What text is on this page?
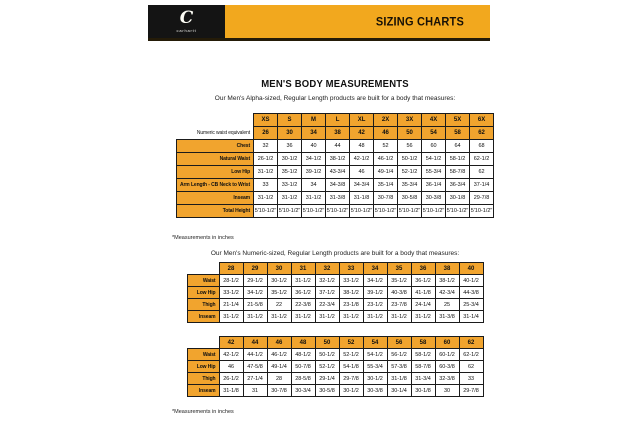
C
carhartt
SIZING CHARTS
MEN'S BODY MEASUREMENTS
Our Men's Alpha-sized, Regular Length products are built for a body that measures:
	XS	S	M	L	XL	2X	3X	4X	5X	6X
Numeric waist equivalent	26	30	34	38	42	46	50	54	58	62
Chest	32	36	40	44	48	52	56	60	64	68
Natural Waist	26-1/2	30-1/2	34-1/2	38-1/2	42-1/2	46-1/2	50-1/2	54-1/2	58-1/2	62-1/2
Low Hip	31-1/2	35-1/2	39-1/2	43-3/4	46	49-1/4	52-1/2	55-3/4	58-7/8	62
Arm Length - CB Neck to Wrist	33	33-1/2	34	34-3/8	34-3/4	35-1/4	35-3/4	36-1/4	36-3/4	37-1/4
Inseam	31-1/2	31-1/2	31-1/2	31-3/8	31-1/8	30-7/8	30-5/8	30-3/8	30-1/8	29-7/8
Total Height	5'10-1/2"	5'10-1/2"	5'10-1/2"	5'10-1/2"	5'10-1/2"	5'10-1/2"	5'10-1/2"	5'10-1/2"	5'10-1/2"	5'10-1/2"
*Measurements in inches
Our Men's Numeric-sized, Regular Length products are built for a body that measures:
	28	29	30	31	32	33	34	35	36	38	40
Waist	28-1/2	29-1/2	30-1/2	31-1/2	32-1/2	33-1/2	34-1/2	35-1/2	36-1/2	38-1/2	40-1/2
Low Hip	33-1/2	34-1/2	35-1/2	36-1/2	37-1/2	38-1/2	39-1/2	40-3/8	41-1/8	42-3/4	44-3/8
Thigh	21-1/4	21-5/8	22	22-3/8	22-3/4	23-1/8	23-1/2	23-7/8	24-1/4	25	25-3/4
Inseam	31-1/2	31-1/2	31-1/2	31-1/2	31-1/2	31-1/2	31-1/2	31-1/2	31-1/2	31-3/8	31-1/4
	42	44	46	48	50	52	54	56	58	60	62
Waist	42-1/2	44-1/2	46-1/2	48-1/2	50-1/2	52-1/2	54-1/2	56-1/2	58-1/2	60-1/2	62-1/2
Low Hip	46	47-5/8	49-1/4	50-7/8	52-1/2	54-1/8	55-3/4	57-3/8	58-7/8	60-3/8	62
Thigh	26-1/2	27-1/4	28	28-5/8	29-1/4	29-7/8	30-1/2	31-1/8	31-3/4	32-3/8	33
Inseam	31-1/8	31	30-7/8	30-3/4	30-5/8	30-1/2	30-3/8	30-1/4	30-1/8	30	29-7/8
*Measurements in inches
